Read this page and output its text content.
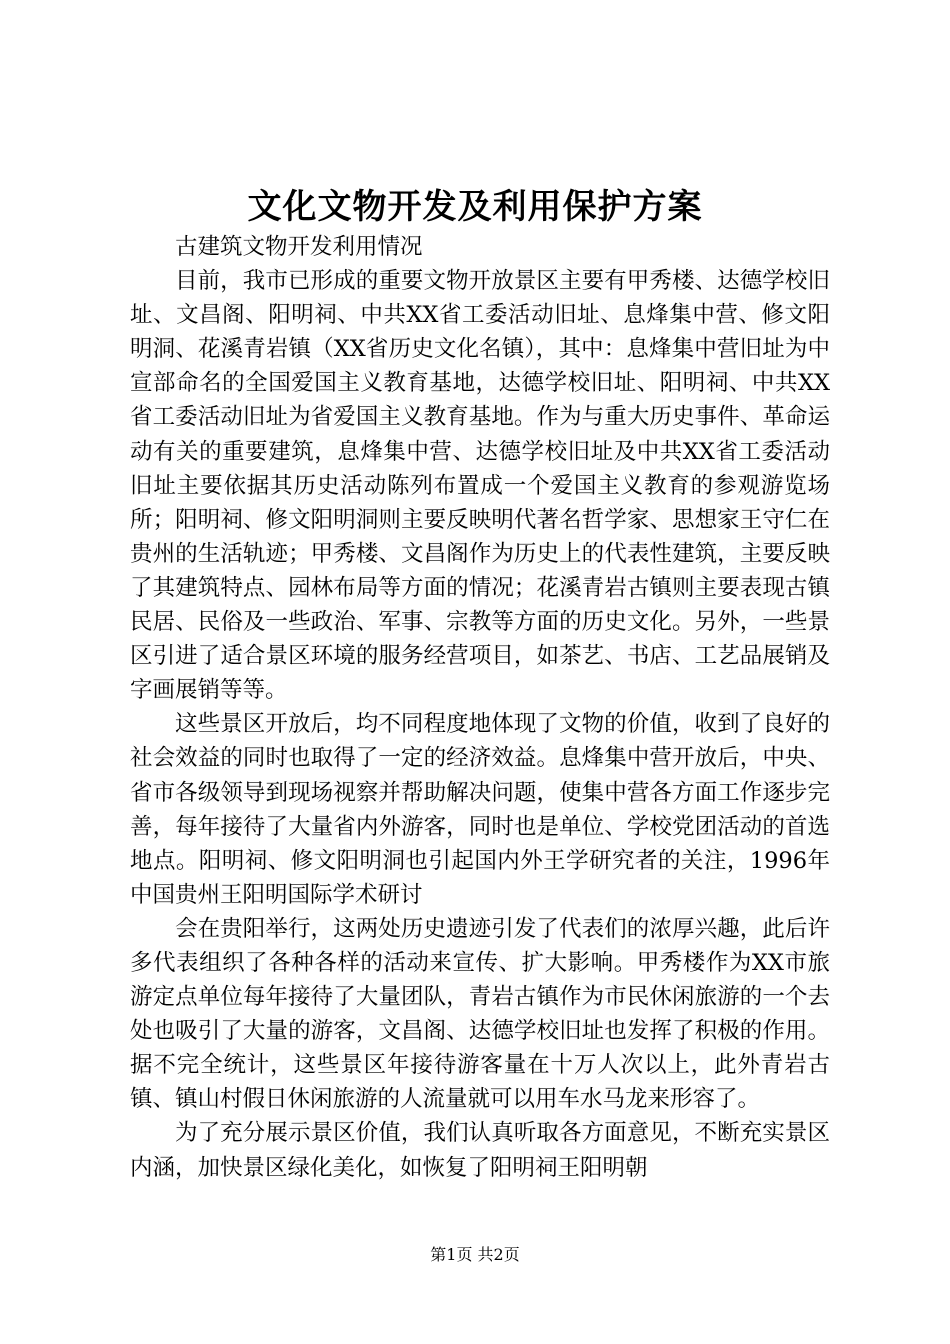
文化文物开发及利用保护方案

古建筑文物开发利用情况

目前，我市已形成的重要文物开放景区主要有甲秀楼、达德学校旧址、文昌阁、阳明祠、中共XX省工委活动旧址、息烽集中营、修文阳明洞、花溪青岩镇（XX省历史文化名镇），其中：息烽集中营旧址为中宣部命名的全国爱国主义教育基地，达德学校旧址、阳明祠、中共XX省工委活动旧址为省爱国主义教育基地。作为与重大历史事件、革命运动有关的重要建筑，息烽集中营、达德学校旧址及中共XX省工委活动旧址主要依据其历史活动陈列布置成一个爱国主义教育的参观游览场所；阳明祠、修文阳明洞则主要反映明代著名哲学家、思想家王守仁在贵州的生活轨迹；甲秀楼、文昌阁作为历史上的代表性建筑，主要反映了其建筑特点、园林布局等方面的情况；花溪青岩古镇则主要表现古镇民居、民俗及一些政治、军事、宗教等方面的历史文化。另外，一些景区引进了适合景区环境的服务经营项目，如茶艺、书店、工艺品展销及字画展销等等。

这些景区开放后，均不同程度地体现了文物的价值，收到了良好的社会效益的同时也取得了一定的经济效益。息烽集中营开放后，中央、省市各级领导到现场视察并帮助解决问题，使集中营各方面工作逐步完善，每年接待了大量省内外游客，同时也是单位、学校党团活动的首选地点。阳明祠、修文阳明洞也引起国内外王学研究者的关注，1996年中国贵州王阳明国际学术研讨

会在贵阳举行，这两处历史遗迹引发了代表们的浓厚兴趣，此后许多代表组织了各种各样的活动来宣传、扩大影响。甲秀楼作为XX市旅游定点单位每年接待了大量团队，青岩古镇作为市民休闲旅游的一个去处也吸引了大量的游客，文昌阁、达德学校旧址也发挥了积极的作用。据不完全统计，这些景区年接待游客量在十万人次以上，此外青岩古镇、镇山村假日休闲旅游的人流量就可以用车水马龙来形容了。

为了充分展示景区价值，我们认真听取各方面意见，不断充实景区内涵，加快景区绿化美化，如恢复了阳明祠王阳明朝

第1页 共2页
